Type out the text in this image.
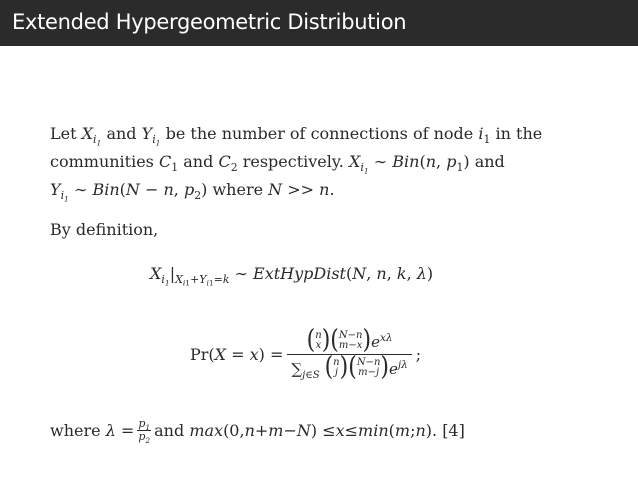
Extended Hypergeometric Distribution

Let $X_{i_1}$ and $Y_{i_1}$ be the number of connections of node $i_1$ in the
communities $C_1$ and $C_2$ respectively. $X_{i_1}$ ∼ Bin(n, $p_1$) and
$Y_{i_1}$ ∼ Bin(N − n, $p_2$) where N >> n.

By definition,
$X_{i_1}|_{X_{i1}+Y_{i1}=k}$ ∼ ExtHypDist(N, n, k, λ)
Pr(X = x) = ( n
x ) ( N−n
m−x ) $e^{x\lambda}$
$\sum_{j\in S}$ ( n
j ) ( N−n
m−j ) $e^{j\lambda}$ ;
where
$\lambda = \frac{p_1}{p_2}$ and
max (0, n + m − N ) ≤ x ≤ min ( m ; n ). [4]
